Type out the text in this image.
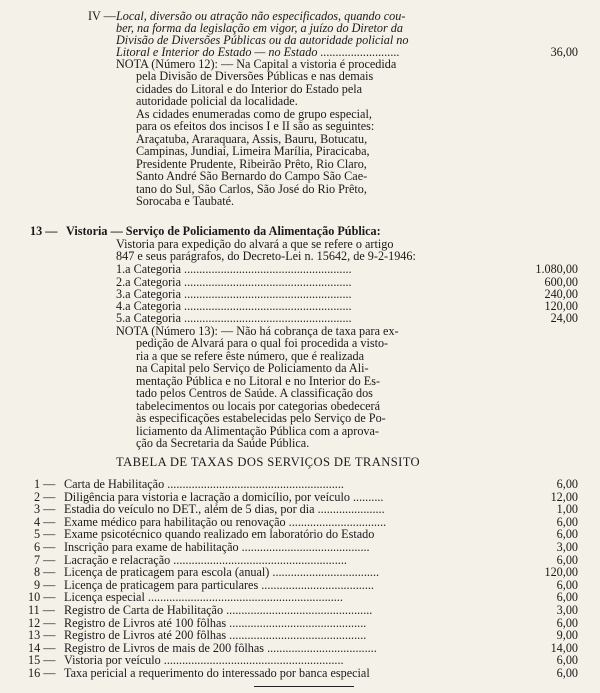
IV — Local, diversão ou atração não especificados, quando cou-
ber, na forma da legislação em vigor, a juízo do Diretor da
Divisão de Diversões Públicas ou da autoridade policial no
Litoral e Interior do Estado — no Estado ..........................	36,00
NOTA (Número 12): — Na Capital a vistoria é procedida
pela Divisão de Diversões Públicas e nas demais
cidades do Litoral e do Interior do Estado pela
autoridade policial da localidade.
As cidades enumeradas como de grupo especial,
para os efeitos dos incisos I e II são as seguintes:
Araçatuba, Araraquara, Assis, Bauru, Botucatu,
Campinas, Jundiaí, Limeira Marília, Piracicaba,
Presidente Prudente, Ribeirão Prêto, Rio Claro,
Santo André São Bernardo do Campo São Cae-
tano do Sul, São Carlos, São José do Rio Prêto,
Sorocaba e Taubaté.
13 — Vistoria — Serviço de Policiamento da Alimentação Pública:
Vistoria para expedição do alvará a que se refere o artigo
847 e seus parágrafos, do Decreto-Lei n. 15642, de 9-2-1946:
1.a Categoria .......................................................	1.080,00
2.a Categoria .......................................................	600,00
3.a Categoria .......................................................	240,00
4.a Categoria .......................................................	120,00
5.a Categoria .......................................................	24,00
NOTA (Número 13): — Não há cobrança de taxa para ex-
pedição de Alvará para o qual foi procedida a visto-
ria a que se refere êste número, que é realizada
na Capital pelo Serviço de Policiamento da Ali-
mentação Pública e no Litoral e no Interior do Es-
tado pelos Centros de Saúde. A classificação dos
tabelecimentos ou locais por categorias obedecerá
às especificações estabelecidas pelo Serviço de Po-
liciamento da Alimentação Pública com a aprova-
ção da Secretaria da Saúde Pública.
TABELA DE TAXAS DOS SERVIÇOS DE TRANSITO
1 — Carta de Habilitação ..........................................................	6,00
2 — Diligência para vistoria e lacração a domicílio, por veículo ..........	12,00
3 — Estadia do veículo no DET., além de 5 dias, por dia ......................	1,00
4 — Exame médico para habilitação ou renovação ................................	6,00
5 — Exame psicotécnico quando realizado em laboratório do Estado	6,00
6 — Inscrição para exame de habilitação ..........................................	3,00
7 — Lacração e relacração .........................................................	6,00
8 — Licença de praticagem para escola (anual) ...................................	120,00
9 — Licença de praticagem para particulares .....................................	6,00
10 — Licença especial ................................................................	6,00
11 — Registro de Carta de Habilitação ................................................	3,00
12 — Registro de Livros até 100 fôlhas .............................................	6,00
13 — Registro de Livros até 200 fôlhas .............................................	9,00
14 — Registro de Livros de mais de 200 fôlhas ....................................	14,00
15 — Vistoria por veículo ...........................................................	6,00
16 — Taxa pericial a requerimento do interessado por banca especial	6,00
